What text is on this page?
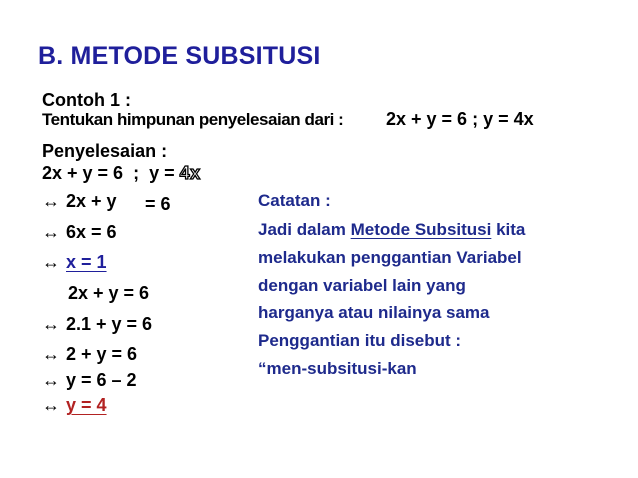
B. METODE SUBSITUSI
Contoh 1 :
Tentukan himpunan penyelesaian dari : 2x + y = 6 ; y = 4x
Penyelesaian :
2x + y = 6  ;  y = 4x
↔ 2x + y = 6
↔ 6x = 6
↔ x = 1
2x + y = 6
↔ 2.1 + y = 6
↔ 2 + y = 6
↔ y = 6 – 2
↔ y = 4
Catatan :
Jadi dalam Metode Subsitusi kita
melakukan penggantian Variabel
dengan variabel lain yang
harganya atau nilainya sama
Penggantian itu disebut :
“men-subsitusi-kan
